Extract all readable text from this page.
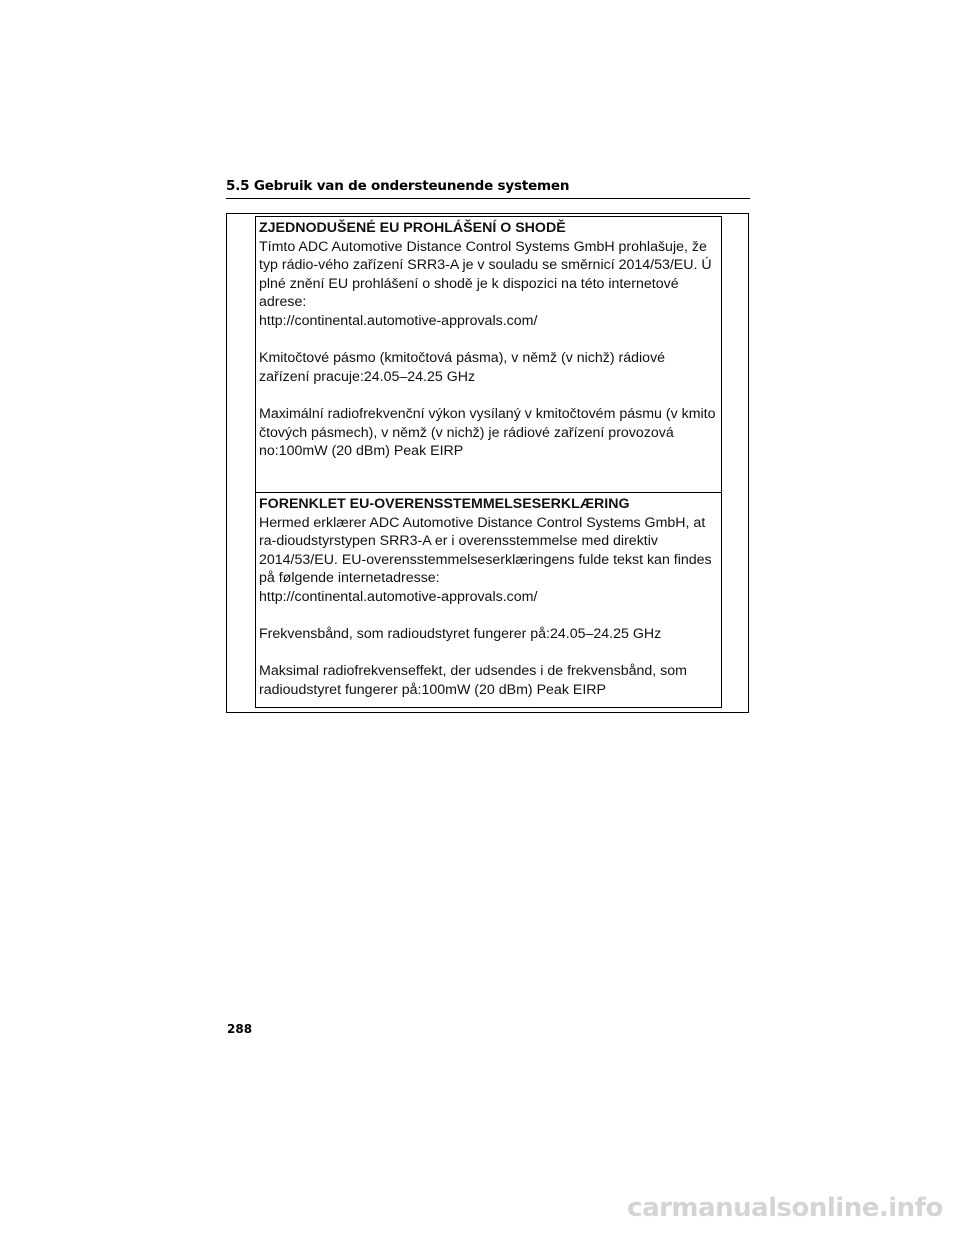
5.5 Gebruik van de ondersteunende systemen
ZJEDNODUŠENÉ EU PROHLÁŠENÍ O SHODĚ

Tímto ADC Automotive Distance Control Systems GmbH prohlašuje, že typ rádio-vého zařízení SRR3-A je v souladu se směrnicí 2014/53/EU. Ú plné znění EU prohlášení o shodě je k dispozici na této internetové adrese:

http://continental.automotive-approvals.com/

Kmitočtové pásmo (kmitočtová pásma), v němž (v nichž) rádiové zařízení pracuje:24.05–24.25 GHz

Maximální radiofrekvenční výkon vysílaný v kmitočtovém pásmu (v kmito čtových pásmech), v němž (v nichž) je rádiové zařízení provozová no:100mW (20 dBm) Peak EIRP

FORENKLET EU-OVERENSSTEMMELSESERKLÆRING

Hermed erklærer ADC Automotive Distance Control Systems GmbH, at ra-dioudstyrstypen SRR3-A er i overensstemmelse med direktiv 2014/53/EU. EU-overensstemmelseserklæringens fulde tekst kan findes på følgende internetadresse:

http://continental.automotive-approvals.com/

Frekvensbånd, som radioudstyret fungerer på:24.05–24.25 GHz

Maksimal radiofrekvenseffekt, der udsendes i de frekvensbånd, som radioudstyret fungerer på:100mW (20 dBm) Peak EIRP

288
carmanualsonline.info
